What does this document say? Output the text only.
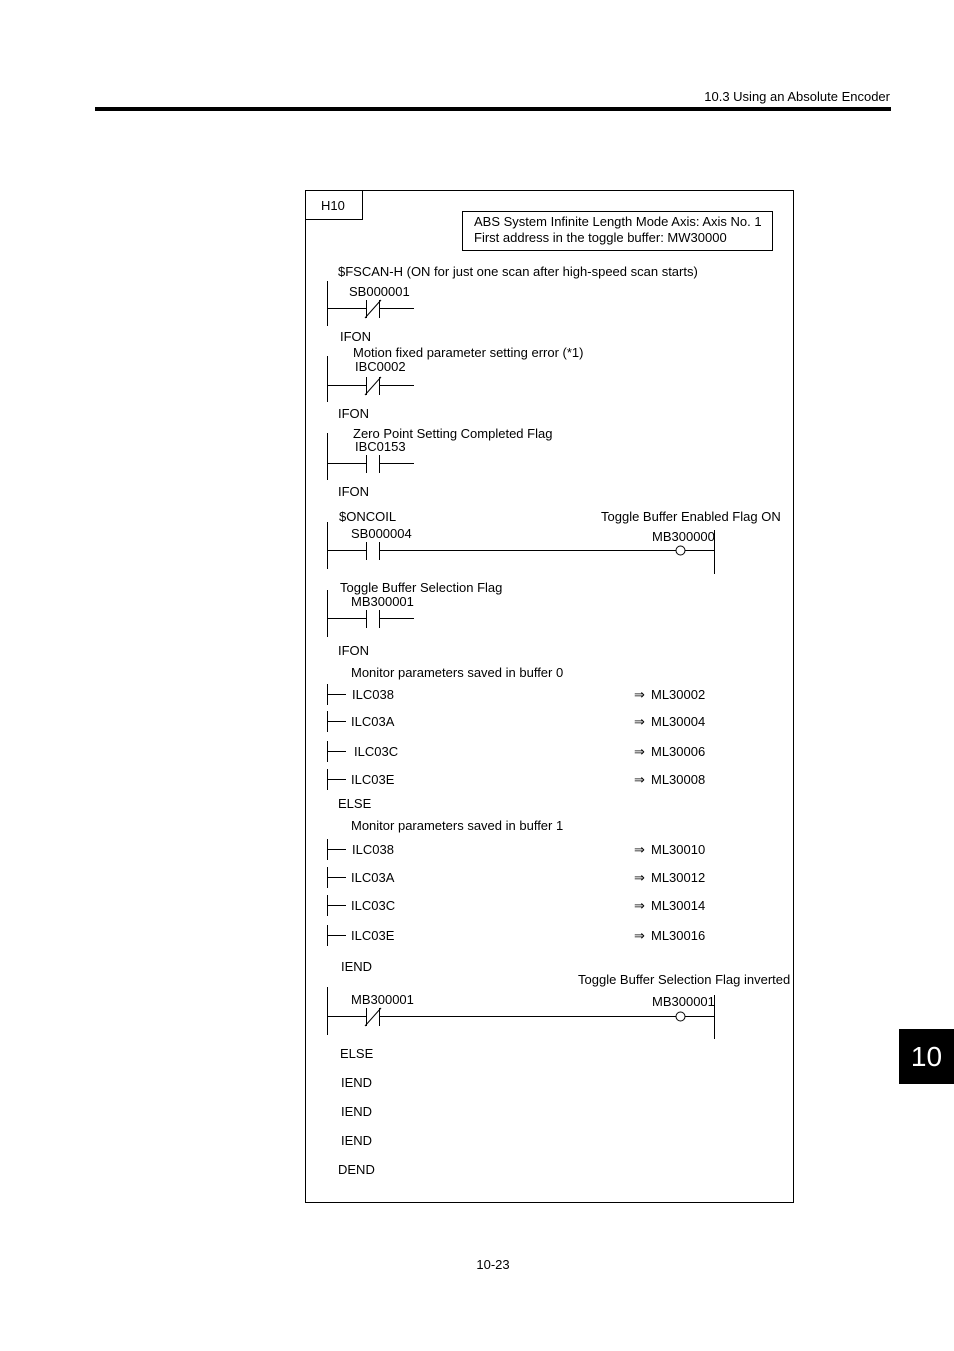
10.3 Using an Absolute Encoder
H10
ABS System Infinite Length Mode Axis: Axis No. 1
First address in the toggle buffer: MW30000
$FSCAN-H (ON for just one scan after high-speed scan starts)
SB000001
IFON
Motion fixed parameter setting error (*1)
IBC0002
IFON
Zero Point Setting Completed Flag
IBC0153
IFON
$ONCOIL
SB000004
Toggle Buffer Enabled Flag ON
MB300000
Toggle Buffer Selection Flag
MB300001
IFON
Monitor parameters saved in buffer 0
ILC038	⇒ ML30002
ILC03A	⇒ ML30004
ILC03C	⇒ ML30006
ILC03E	⇒ ML30008
ELSE
Monitor parameters saved in buffer 1
ILC038	⇒ ML30010
ILC03A	⇒ ML30012
ILC03C	⇒ ML30014
ILC03E	⇒ ML30016
IEND
Toggle Buffer Selection Flag inverted
MB300001	MB300001
ELSE
IEND
IEND
IEND
DEND
10
10-23
